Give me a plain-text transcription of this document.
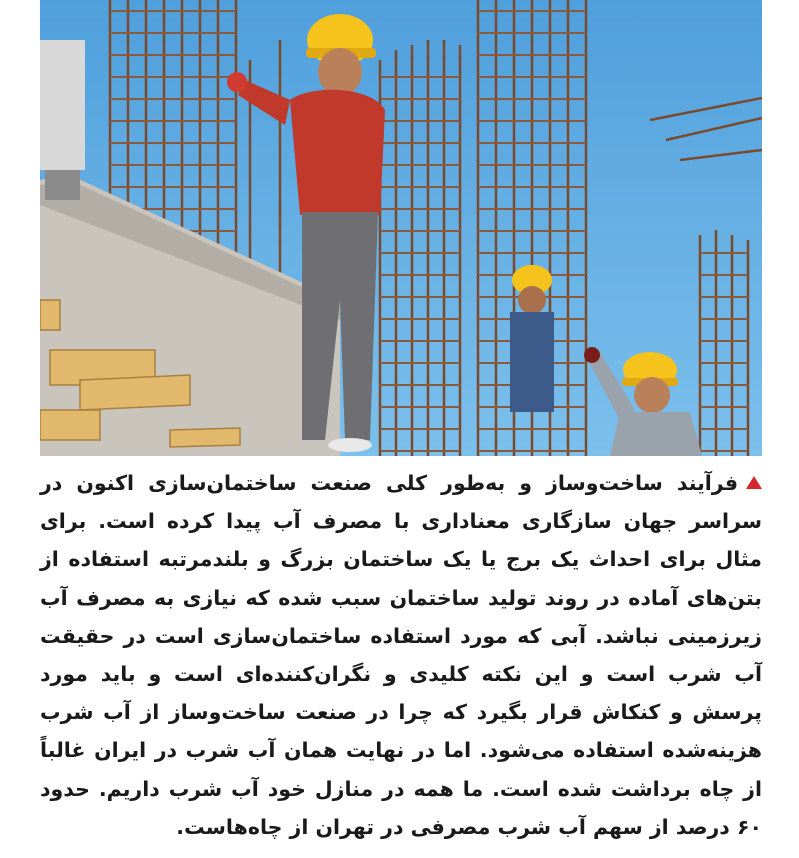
فرآیند ساخت‌وساز و به‌طور کلی صنعت ساختمان‌سازی اکنون در سراسر جهان سازگاری معناداری با مصرف آب پیدا کرده است. برای مثال برای احداث یک برج یا یک ساختمان بزرگ و بلندمرتبه استفاده از بتن‌های آماده در روند تولید ساختمان سبب شده که نیازی به مصرف آب زیرزمینی نباشد. آبی که مورد استفاده ساختمان‌سازی است در حقیقت آب شرب است و این نکته کلیدی و نگران‌کننده‌ای است و باید مورد پرسش و کنکاش قرار بگیرد که چرا در صنعت ساخت‌وساز از آب شرب هزینه‌شده استفاده می‌شود. اما در نهایت همان آب شرب در ایران غالباً از چاه برداشت شده است. ما همه در منازل خود آب شرب داریم. حدود ۶۰ درصد از سهم آب شرب مصرفی در تهران از چاه‌هاست.
